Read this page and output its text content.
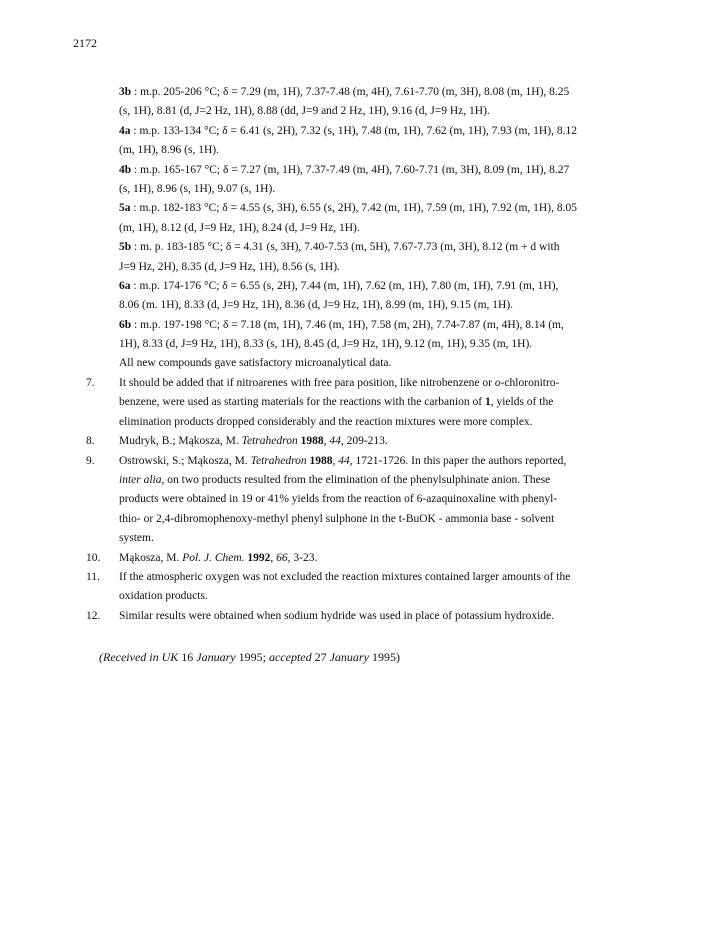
2172
3b : m.p. 205-206 °C; δ = 7.29 (m, 1H), 7.37-7.48 (m, 4H), 7.61-7.70 (m, 3H), 8.08 (m, 1H), 8.25
(s, 1H), 8.81 (d, J=2 Hz, 1H), 8.88 (dd, J=9 and 2 Hz, 1H), 9.16 (d, J=9 Hz, 1H).
4a : m.p. 133-134 °C; δ = 6.41 (s, 2H), 7.32 (s, 1H), 7.48 (m, 1H), 7.62 (m, 1H), 7.93 (m, 1H), 8.12
(m, 1H), 8.96 (s, 1H).
4b : m.p. 165-167 °C; δ = 7.27 (m, 1H), 7.37-7.49 (m, 4H), 7.60-7.71 (m, 3H), 8.09 (m, 1H), 8.27
(s, 1H), 8.96 (s, 1H), 9.07 (s, 1H).
5a : m.p. 182-183 °C; δ = 4.55 (s, 3H), 6.55 (s, 2H), 7.42 (m, 1H), 7.59 (m, 1H), 7.92 (m, 1H), 8.05
(m, 1H), 8.12 (d, J=9 Hz, 1H), 8.24 (d, J=9 Hz, 1H).
5b : m. p. 183-185 °C; δ = 4.31 (s, 3H), 7.40-7.53 (m, 5H), 7.67-7.73 (m, 3H), 8.12 (m + d with
J=9 Hz, 2H), 8.35 (d, J=9 Hz, 1H), 8.56 (s, 1H).
6a : m.p. 174-176 °C; δ = 6.55 (s, 2H), 7.44 (m, 1H), 7.62 (m, 1H), 7.80 (m, 1H), 7.91 (m, 1H),
8.06 (m. 1H), 8.33 (d, J=9 Hz, 1H), 8.36 (d, J=9 Hz, 1H), 8.99 (m, 1H), 9.15 (m, 1H).
6b : m.p. 197-198 °C; δ = 7.18 (m, 1H), 7.46 (m, 1H), 7.58 (m, 2H), 7.74-7.87 (m, 4H), 8.14 (m,
1H), 8.33 (d, J=9 Hz, 1H), 8.33 (s, 1H), 8.45 (d, J=9 Hz, 1H), 9.12 (m, 1H), 9.35 (m, 1H).
All new compounds gave satisfactory microanalytical data.
7.	It should be added that if nitroarenes with free para position, like nitrobenzene or o-chloronitro-
benzene, were used as starting materials for the reactions with the carbanion of 1, yields of the
elimination products dropped considerably and the reaction mixtures were more complex.
8.	Mudryk, B.; Mąkosza, M. Tetrahedron 1988, 44, 209-213.
9.	Ostrowski, S.; Mąkosza, M. Tetrahedron 1988, 44, 1721-1726. In this paper the authors reported,
inter alia, on two products resulted from the elimination of the phenylsulphinate anion. These
products were obtained in 19 or 41% yields from the reaction of 6-azaquinoxaline with phenyl-
thio- or 2,4-dibromophenoxy-methyl phenyl sulphone in the t-BuOK - ammonia base - solvent
system.
10.	Mąkosza, M. Pol. J. Chem. 1992, 66, 3-23.
11.	If the atmospheric oxygen was not excluded the reaction mixtures contained larger amounts of the
oxidation products.
12.	Similar results were obtained when sodium hydride was used in place of potassium hydroxide.
(Received in UK 16 January 1995; accepted 27 January 1995)
